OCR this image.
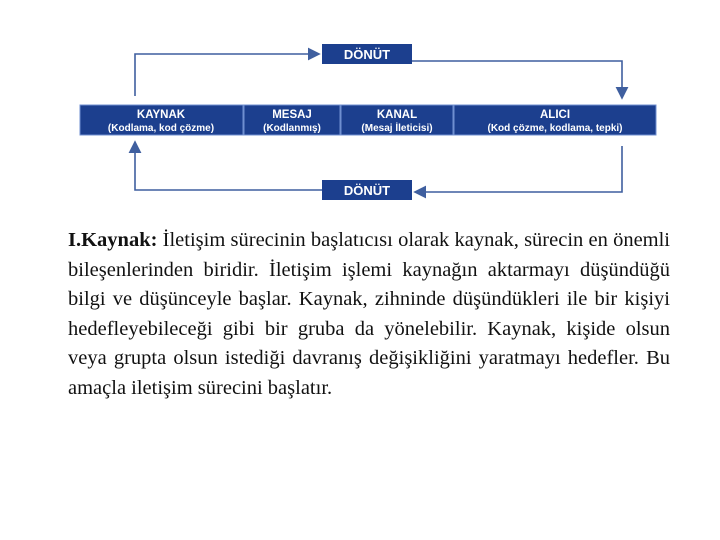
DÖNÜT
KAYNAK
(Kodlama, kod çözme)
MESAJ
(Kodlanmış)
KANAL
(Mesaj İleticisi)
ALICI
(Kod çözme, kodlama, tepki)
DÖNÜT
I.Kaynak: İletişim sürecinin başlatıcısı olarak kaynak, sürecin en önemli bileşenlerinden biridir. İletişim işlemi kaynağın aktarmayı düşündüğü bilgi ve düşünceyle başlar. Kaynak, zihninde düşündükleri ile bir kişiyi hedefleyebileceği gibi bir gruba da yönelebilir. Kaynak, kişide olsun veya grupta olsun istediği davranış değişikliğini yaratmayı hedefler. Bu amaçla iletişim sürecini başlatır.
